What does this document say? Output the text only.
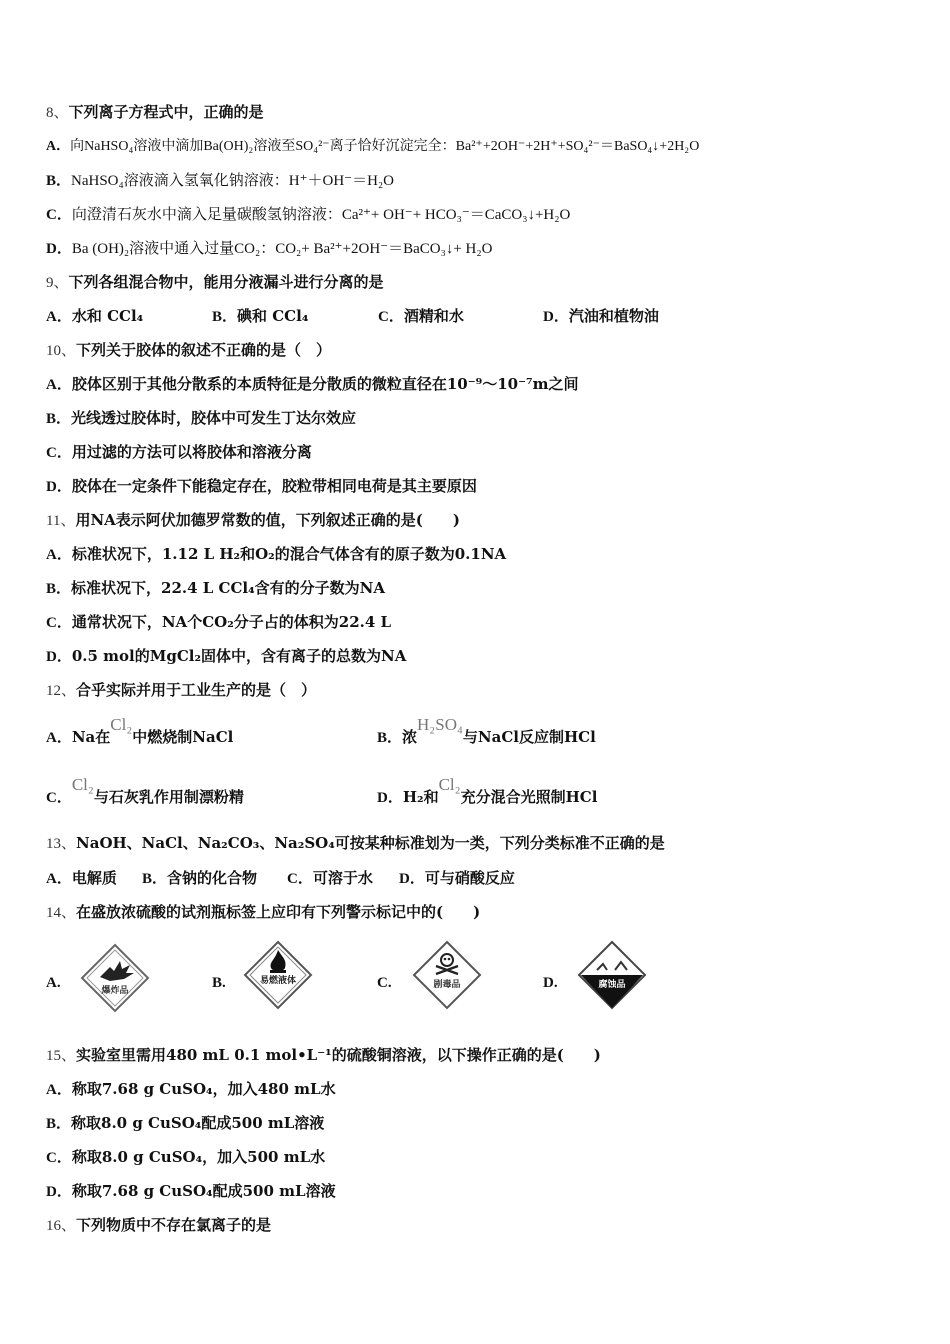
8、下列离子方程式中，正确的是
A．向NaHSO₄溶液中滴加Ba(OH)₂溶液至SO₄²⁻离子恰好沉淀完全：Ba²⁺+2OH⁻+2H⁺+SO₄²⁻＝BaSO₄↓+2H₂O
B．NaHSO₄溶液滴入氢氧化钠溶液：H⁺＋OH⁻＝H₂O
C．向澄清石灰水中滴入足量碳酸氢钠溶液：Ca²⁺+ OH⁻+ HCO₃⁻＝CaCO₃↓+H₂O
D．Ba (OH)₂溶液中通入过量CO₂：CO₂+ Ba²⁺+2OH⁻＝BaCO₃↓+ H₂O
9、下列各组混合物中，能用分液漏斗进行分离的是
A．水和 CCl₄	B．碘和 CCl₄	C．酒精和水	D．汽油和植物油
10、下列关于胶体的叙述不正确的是（　）
A．胶体区别于其他分散系的本质特征是分散质的微粒直径在10⁻⁹～10⁻⁷m之间
B．光线透过胶体时，胶体中可发生丁达尔效应
C．用过滤的方法可以将胶体和溶液分离
D．胶体在一定条件下能稳定存在，胶粒带相同电荷是其主要原因
11、用NA表示阿伏加德罗常数的值，下列叙述正确的是(　　)
A．标准状况下，1.12 L H₂和O₂的混合气体含有的原子数为0.1NA
B．标准状况下，22.4 L CCl₄含有的分子数为NA
C．通常状况下，NA个CO₂分子占的体积为22.4 L
D．0.5 mol的MgCl₂固体中，含有离子的总数为NA
12、合乎实际并用于工业生产的是（　）
A．Na在Cl₂中燃烧制NaCl	B．浓H₂SO₄与NaCl反应制HCl
C．Cl₂与石灰乳作用制漂粉精	D．H₂和Cl₂充分混合光照制HCl
13、NaOH、NaCl、Na₂CO₃、Na₂SO₄可按某种标准划为一类，下列分类标准不正确的是
A．电解质 B．含钠的化合物 C．可溶于水 D．可与硝酸反应
14、在盛放浓硫酸的试剂瓶标签上应印有下列警示标记中的(　　)
A.	爆炸品	B.	易燃液体	C.	剧毒品	D.	腐蚀品
15、实验室里需用480 mL 0.1 mol•L⁻¹的硫酸铜溶液，以下操作正确的是(　　)
A．称取7.68 g CuSO₄，加入480 mL水
B．称取8.0 g CuSO₄配成500 mL溶液
C．称取8.0 g CuSO₄，加入500 mL水
D．称取7.68 g CuSO₄配成500 mL溶液
16、下列物质中不存在氯离子的是
